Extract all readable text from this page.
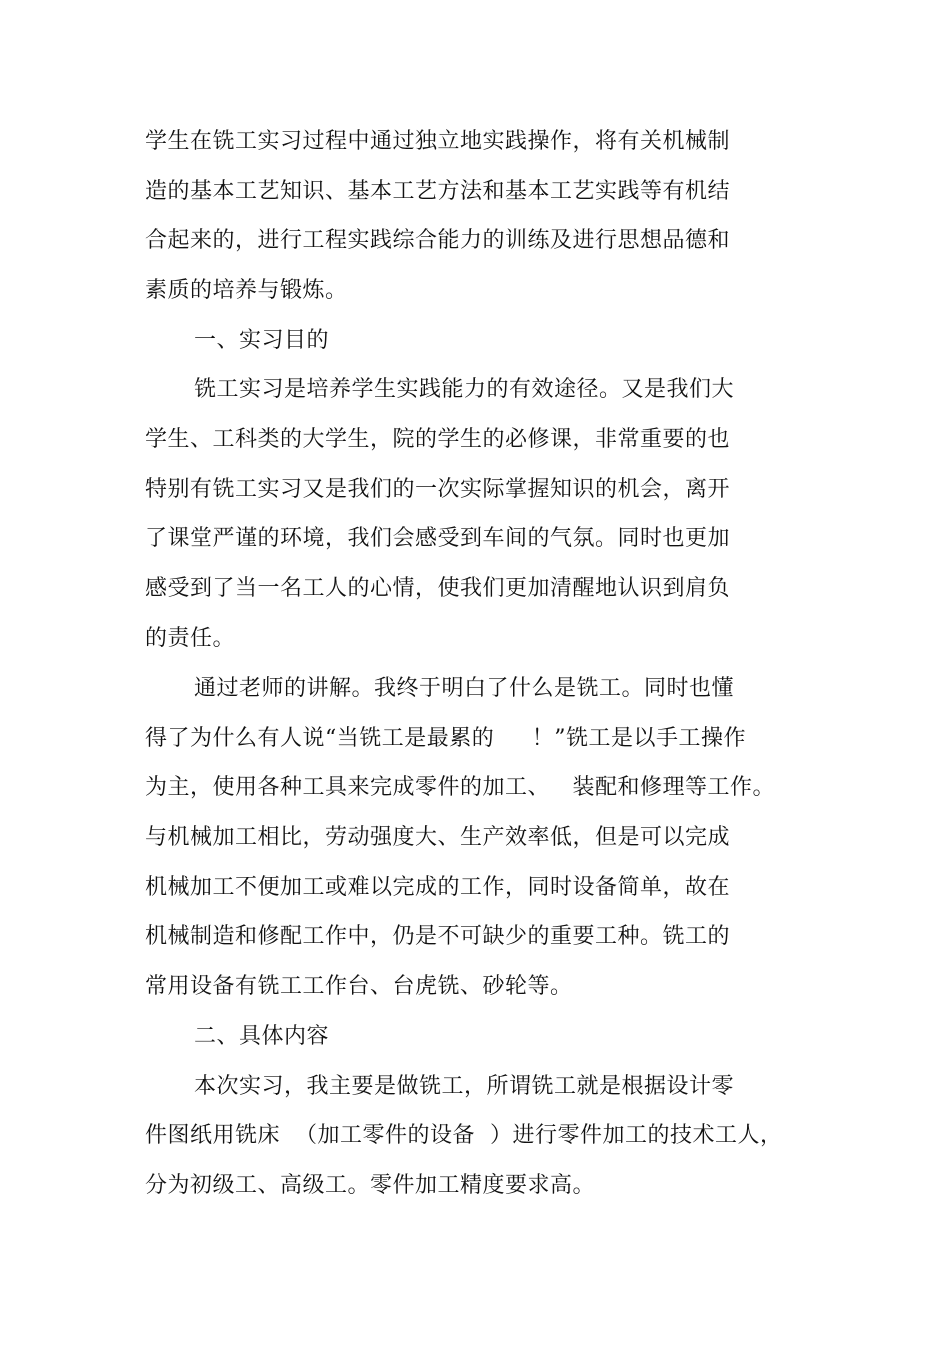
学生在铣工实习过程中通过独立地实践操作，将有关机械制
造的基本工艺知识、基本工艺方法和基本工艺实践等有机结
合起来的，进行工程实践综合能力的训练及进行思想品德和
素质的培养与锻炼。
一、实习目的
铣工实习是培养学生实践能力的有效途径。又是我们大
学生、工科类的大学生，院的学生的必修课，非常重要的也
特别有铣工实习又是我们的一次实际掌握知识的机会，离开
了课堂严谨的环境，我们会感受到车间的气氛。同时也更加
感受到了当一名工人的心情，使我们更加清醒地认识到肩负
的责任。
通过老师的讲解。我终于明白了什么是铣工。同时也懂
得了为什么有人说“当铣工是最累的     ！”铣工是以手工操作
为主，使用各种工具来完成零件的加工、   装配和修理等工作。
与机械加工相比，劳动强度大、生产效率低，但是可以完成
机械加工不便加工或难以完成的工作，同时设备简单，故在
机械制造和修配工作中，仍是不可缺少的重要工种。铣工的
常用设备有铣工工作台、台虎铣、砂轮等。
二、具体内容
本次实习，我主要是做铣工，所谓铣工就是根据设计零
件图纸用铣床  （加工零件的设备  ）进行零件加工的技术工人，
分为初级工、高级工。零件加工精度要求高。
